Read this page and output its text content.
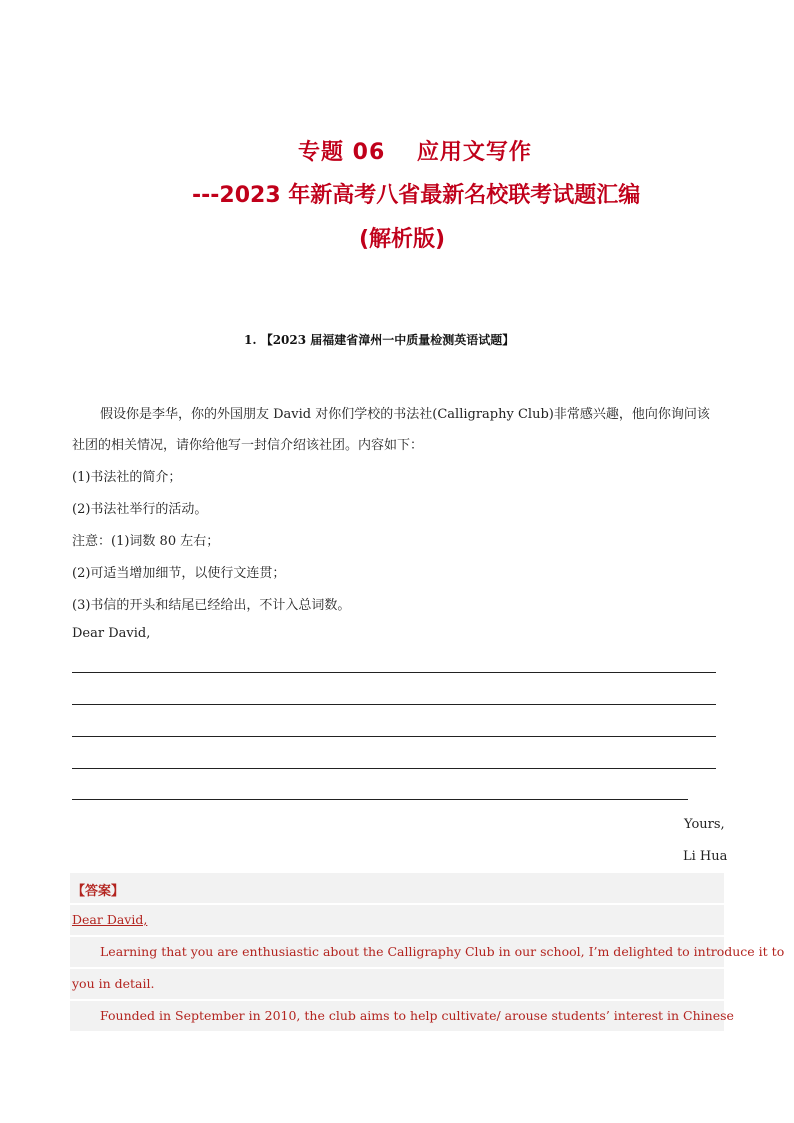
专题 06　 应用文写作
---2023 年新高考八省最新名校联考试题汇编
(解析版)
1. 【2023 届福建省漳州一中质量检测英语试题】
假设你是李华，你的外国朋友 David 对你们学校的书法社(Calligraphy Club)非常感兴趣，他向你询问该
社团的相关情况，请你给他写一封信介绍该社团。内容如下：
(1)书法社的简介；
(2)书法社举行的活动。
注意：(1)词数 80 左右；
(2)可适当增加细节，以使行文连贯；
(3)书信的开头和结尾已经给出，不计入总词数。
Dear David,
Yours,
Li Hua
【答案】
Dear David,
Learning that you are enthusiastic about the Calligraphy Club in our school, I’m delighted to introduce it to
you in detail.
Founded in September in 2010, the club aims to help cultivate/ arouse students’ interest in Chinese
